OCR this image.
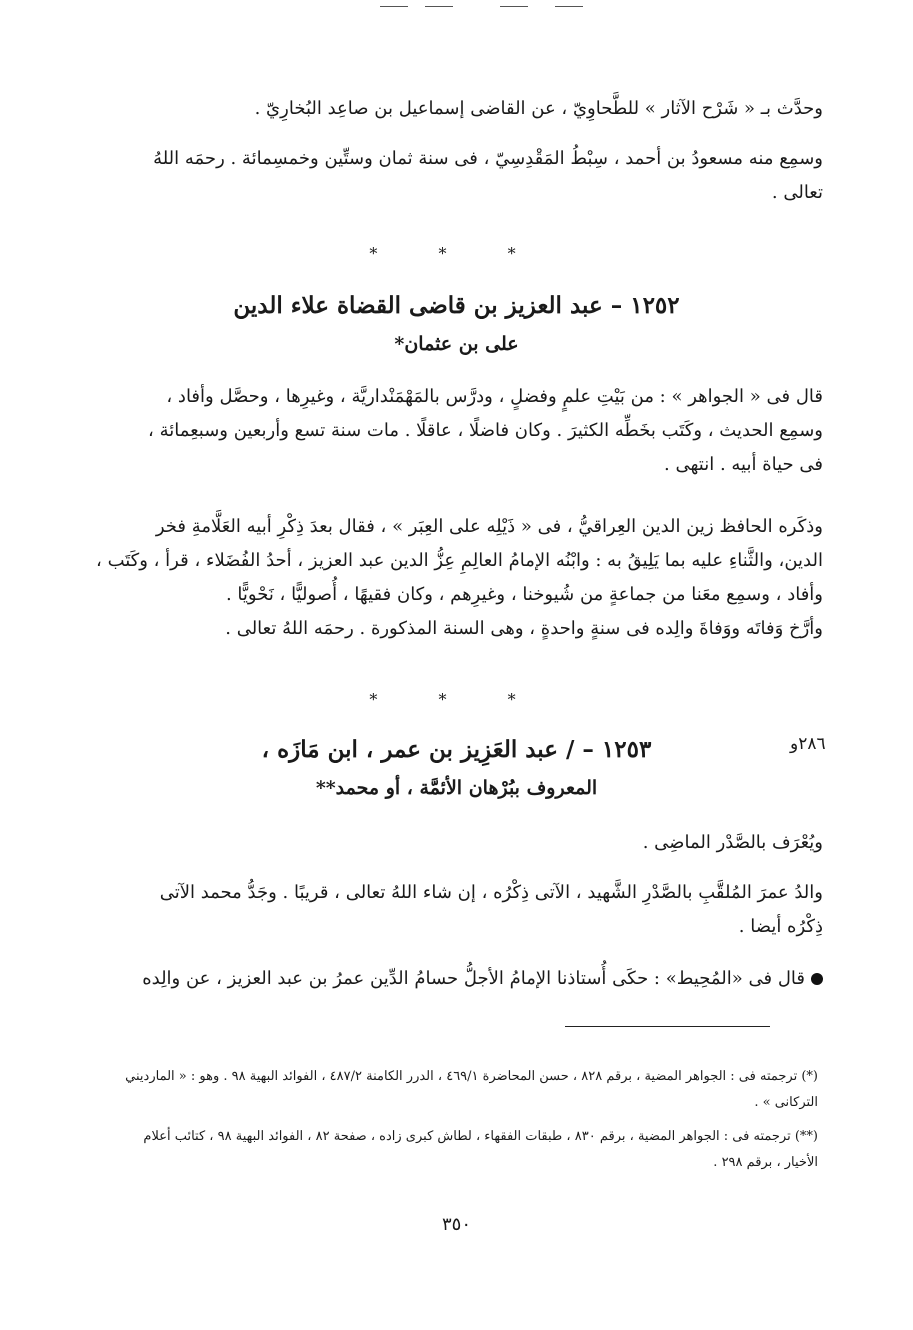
وحدَّث بـ « شَرْح الآثار » للطَّحاوِيّ ، عن القاضى إسماعيل بن صاعِد البُخارِيّ .

وسمِع منه مسعودُ بن أحمد ، سِبْطُ المَقْدِسِيّ ، فى سنة ثمان وستِّين وخمسِمائة . رحمَه اللهُ
تعالى .

* * *
١٢٥٢ – عبد العزيز بن قاضى القضاة علاء الدين
على بن عثمان*

قال فى « الجواهر » : من بَيْتِ علمٍ وفضلٍ ، ودرَّس بالمَهْمَنْداريَّة ، وغيرِها ، وحصَّل وأفاد ،
وسمِع الحديث ، وكَتَب بخَطِّه الكثيرَ . وكان فاضلًا ، عاقلًا . مات سنة تسع وأربعين وسبعِمائة ،
فى حياة أبيه . انتهى .

وذكَره الحافظ زين الدين العِراقيُّ ، فى « ذَيْلِه على العِبَر » ، فقال بعدَ ذِكْرِ أبيه العَلَّامةِ فخر
الدين، والثَّناءِ عليه بما يَلِيقُ به : وابْنُه الإمامُ العالِمِ عِزُّ الدين عبد العزيز ، أحدُ الفُضَلاء ، قرأ ، وكَتَب ،
وأفاد ، وسمِع معَنا من جماعةٍ من شُيوخنا ، وغيرِهم ، وكان فقيهًا ، أُصوليًّا ، نَحْويًّا .
وأرَّخ وَفاتَه ووَفاةَ والِده فى سنةٍ واحدةٍ ، وهى السنة المذكورة . رحمَه اللهُ تعالى .

* * *
٢٨٦و
١٢٥٣ – / عبد العَزِيز بن عمر ، ابن مَازَه ،
المعروف ببُرْهان الأئمَّة ، أو محمد**

ويُعْرَف بالصَّدْر الماضِى .

والدُ عمرَ المُلقَّبِ بالصَّدْرِ الشَّهيد ، الآتى ذِكْرُه ، إن شاء اللهُ تعالى ، قريبًا . وجَدُّ محمد الآتى
ذِكْرُه أيضا .

قال فى «المُحِيط» : حكَى أُستاذنا الإمامُ الأجلُّ حسامُ الدِّين عمرُ بن عبد العزيز ، عن والِده

(*) ترجمته فى : الجواهر المضية ، برقم ٨٢٨ ، حسن المحاضرة ٤٦٩/١ ، الدرر الكامنة ٤٨٧/٢ ، الفوائد البهية ٩٨ . وهو : « المارديني
التركانى » .

(**) ترجمته فى : الجواهر المضية ، برقم ٨٣٠ ، طبقات الفقهاء ، لطاش كبرى زاده ، صفحة ٨٢ ، الفوائد البهية ٩٨ ، كتائب أعلام
الأخيار ، برقم ٢٩٨ .

٣٥٠
